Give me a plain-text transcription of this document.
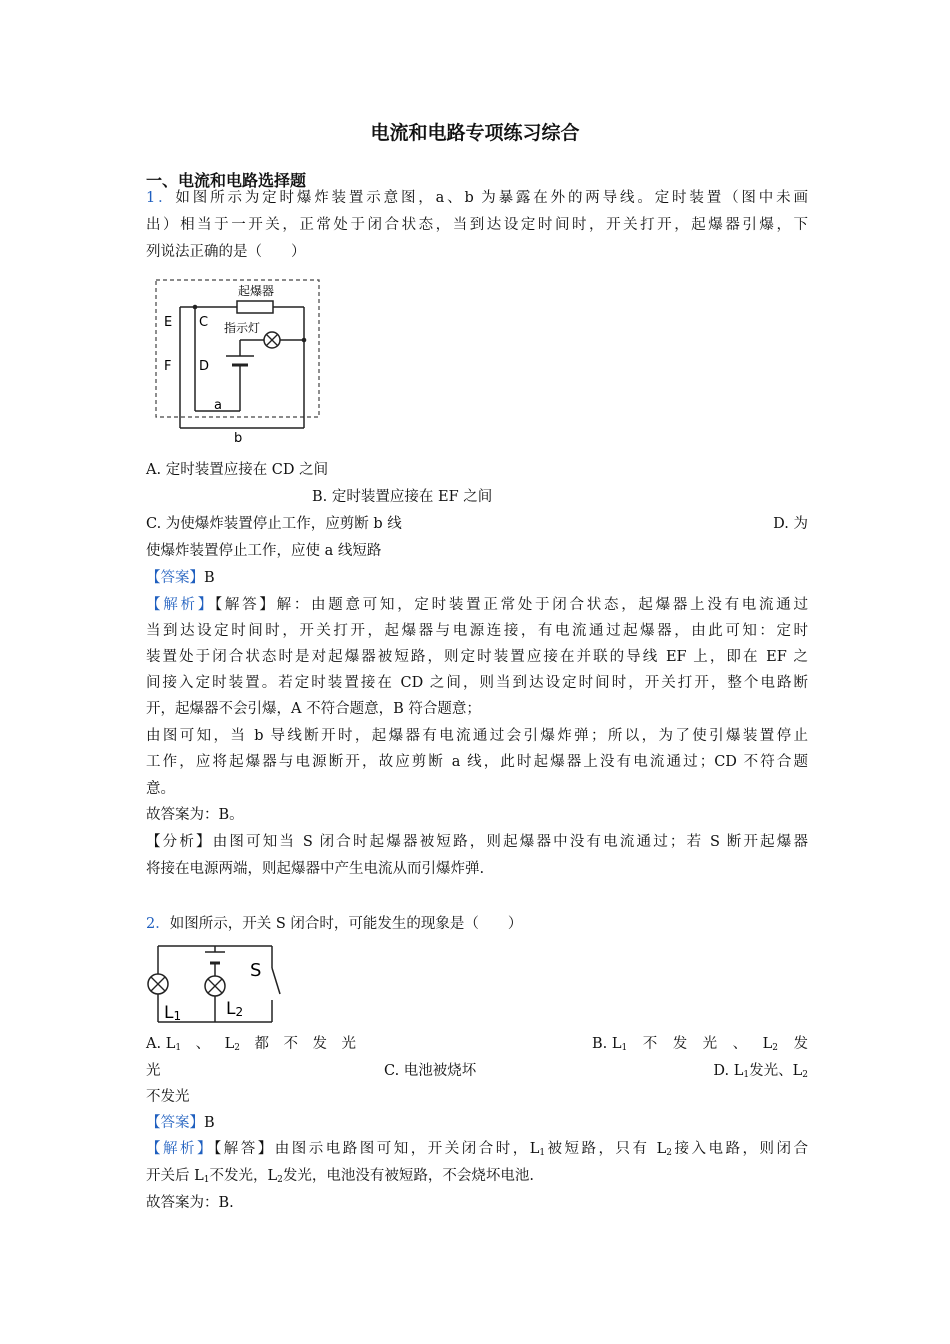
电流和电路专项练习综合
一、电流和电路选择题
1．如图所示为定时爆炸装置示意图，a、b 为暴露在外的两导线。定时装置（图中未画
出）相当于一开关，正常处于闭合状态，当到达设定时间时，开关打开，起爆器引爆，下
列说法正确的是（　　）
起爆器
指示灯
E C
F D
a
b
A. 定时装置应接在 CD 之间
B. 定时装置应接在 EF 之间
C. 为使爆炸装置停止工作，应剪断 b 线	D. 为
使爆炸装置停止工作，应使 a 线短路
【答案】B
【解析】【解答】解：由题意可知，定时装置正常处于闭合状态，起爆器上没有电流通过
当到达设定时间时，开关打开，起爆器与电源连接，有电流通过起爆器，由此可知：定时
装置处于闭合状态时是对起爆器被短路，则定时装置应接在并联的导线 EF 上，即在 EF 之
间接入定时装置。若定时装置接在 CD 之间，则当到达设定时间时，开关打开，整个电路断
开，起爆器不会引爆，A 不符合题意，B 符合题意；
由图可知，当 b 导线断开时，起爆器有电流通过会引爆炸弹；所以，为了使引爆装置停止
工作，应将起爆器与电源断开，故应剪断 a 线，此时起爆器上没有电流通过；CD 不符合题
意。
故答案为：B。
【分析】由图可知当 S 闭合时起爆器被短路，则起爆器中没有电流通过；若 S 断开起爆器
将接在电源两端，则起爆器中产生电流从而引爆炸弹.
2．如图所示，开关 S 闭合时，可能发生的现象是（　　）
S
L1	L2
A. $L_1$ 、 $L_2$ 都 不 发 光	B. $L_1$ 不 发 光 、 $L_2$ 发
光	C. 电池被烧坏	D. $L_1$发光、$L_2$
不发光
【答案】B
【解析】【解答】由图示电路图可知，开关闭合时，$L_1$被短路，只有 $L_2$接入电路，则闭合
开关后 $L_1$不发光，$L_2$发光，电池没有被短路，不会烧坏电池.
故答案为：B.
